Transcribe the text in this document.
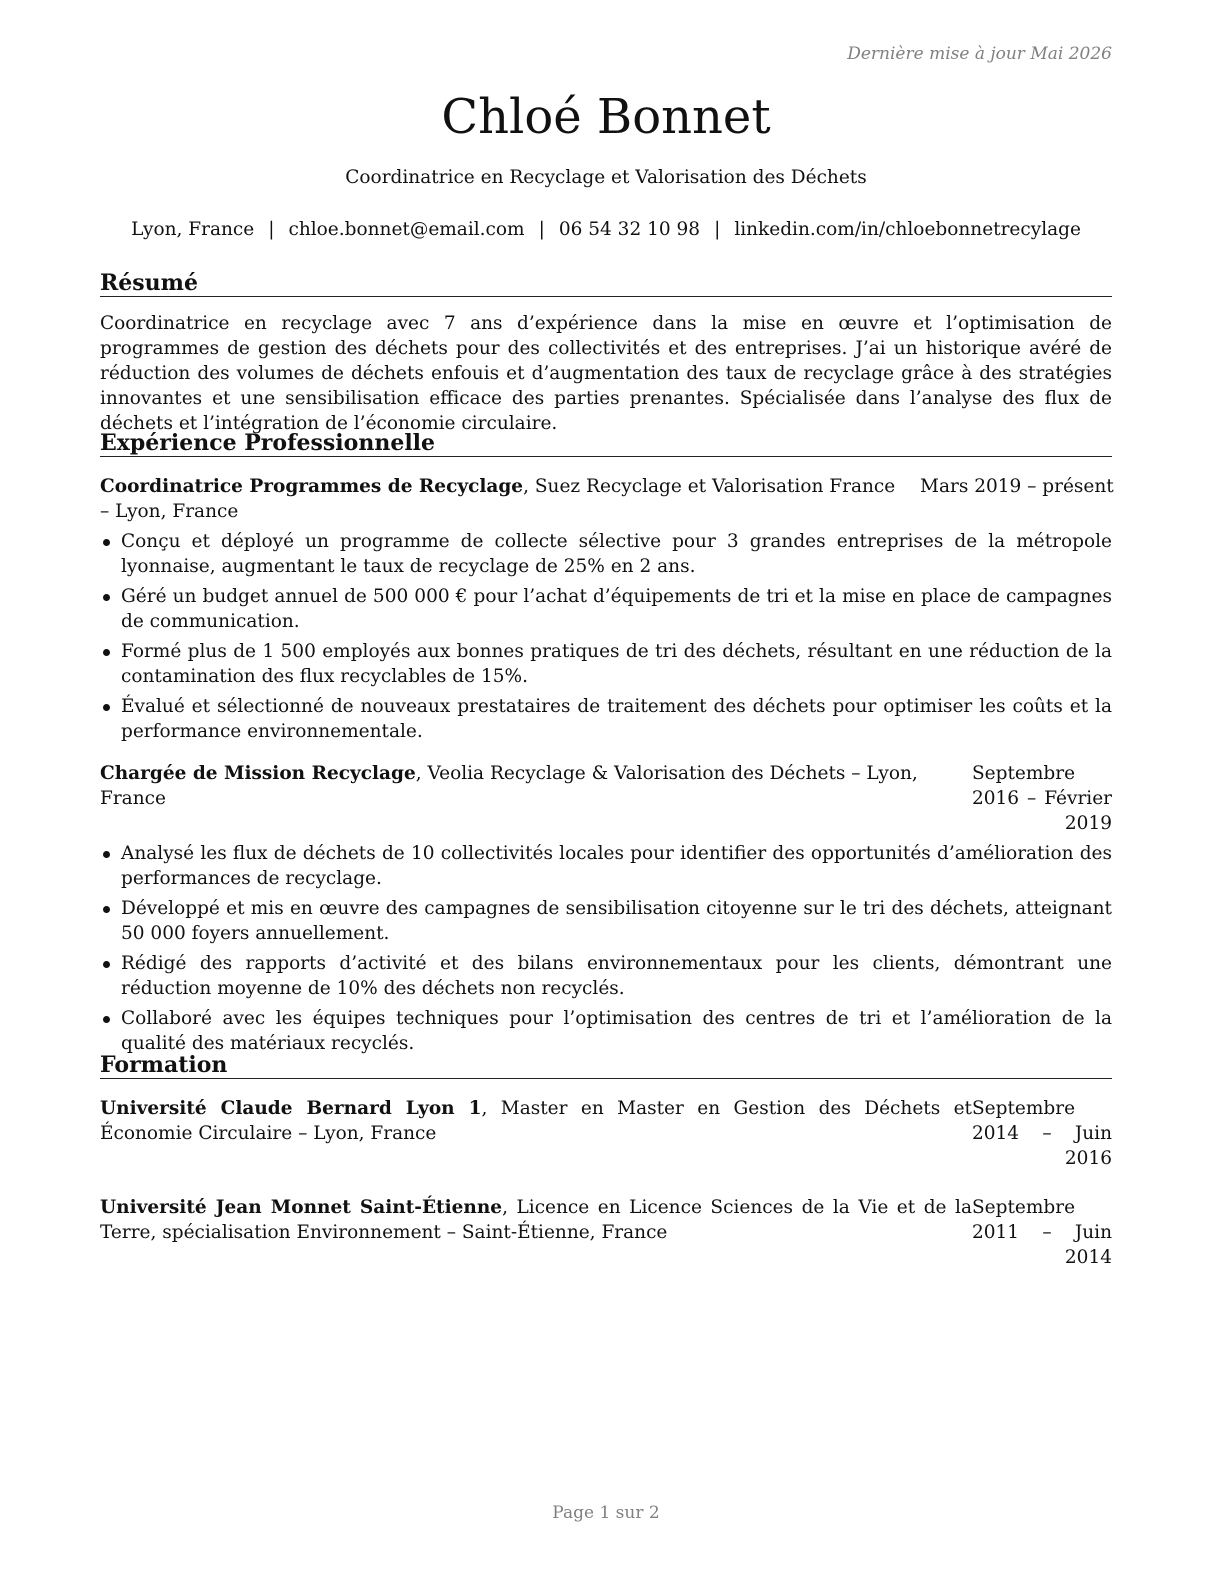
Dernière mise à jour Mai 2026
Chloé Bonnet
Coordinatrice en Recyclage et Valorisation des Déchets
Lyon, France | chloe.bonnet@email.com | 06 54 32 10 98 | linkedin.com/in/chloebonnetrecylage
Résumé

Coordinatrice en recyclage avec 7 ans d’expérience dans la mise en œuvre et l’optimisation de programmes de gestion des déchets pour des collectivités et des entreprises. J’ai un historique avéré de réduction des volumes de déchets enfouis et d’augmentation des taux de recyclage grâce à des stratégies innovantes et une sensibilisation efficace des parties prenantes. Spécialisée dans l’analyse des flux de déchets et l’intégration de l’économie circulaire.

Expérience Professionnelle
Coordinatrice Programmes de Recyclage, Suez Recyclage et Valorisation France – Lyon, France
Mars 2019 – présent
Conçu et déployé un programme de collecte sélective pour 3 grandes entreprises de la métropole lyonnaise, augmentant le taux de recyclage de 25% en 2 ans.
Géré un budget annuel de 500 000 € pour l’achat d’équipements de tri et la mise en place de campagnes de communication.
Formé plus de 1 500 employés aux bonnes pratiques de tri des déchets, résultant en une réduction de la contamination des flux recyclables de 15%.
Évalué et sélectionné de nouveaux prestataires de traitement des déchets pour optimiser les coûts et la performance environnementale.
Chargée de Mission Recyclage, Veolia Recyclage & Valorisation des Déchets – Lyon, France
Septembre 2016 – Février 2019
Analysé les flux de déchets de 10 collectivités locales pour identifier des opportunités d’amélioration des performances de recyclage.
Développé et mis en œuvre des campagnes de sensibilisation citoyenne sur le tri des déchets, atteignant 50 000 foyers annuellement.
Rédigé des rapports d’activité et des bilans environnementaux pour les clients, démontrant une réduction moyenne de 10% des déchets non recyclés.
Collaboré avec les équipes techniques pour l’optimisation des centres de tri et l’amélioration de la qualité des matériaux recyclés.
Formation
Université Claude Bernard Lyon 1, Master en Master en Gestion des Déchets et Économie Circulaire – Lyon, France
Septembre 2014 – Juin 2016
Université Jean Monnet Saint-Étienne, Licence en Licence Sciences de la Vie et de la Terre, spécialisation Environnement – Saint-Étienne, France
Septembre 2011 – Juin 2014
Page 1 sur 2
